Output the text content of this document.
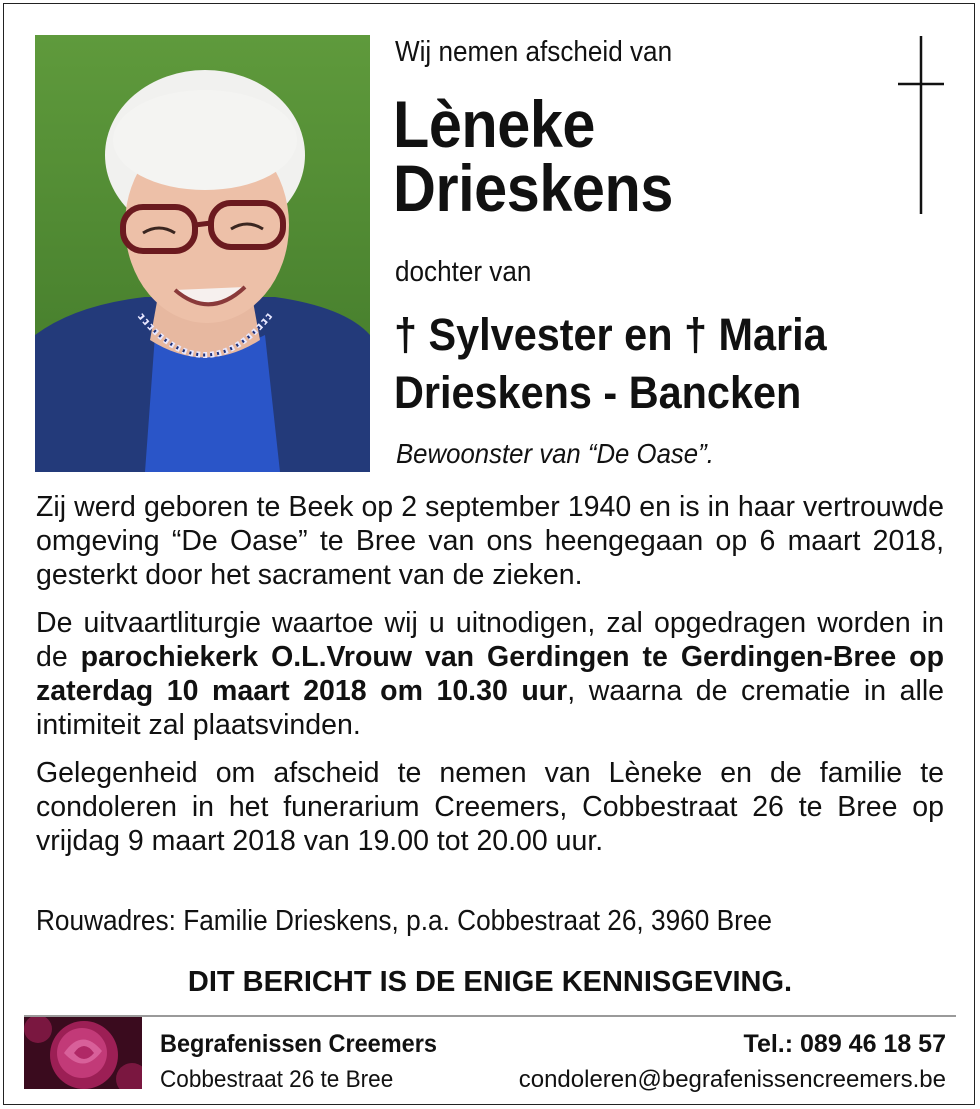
Wij nemen afscheid van
Lèneke
Drieskens
dochter van
† Sylvester en † Maria
Drieskens - Bancken
Bewoonster van “De Oase”.

Zij werd geboren te Beek op 2 september 1940 en is in haar vertrouwde omgeving “De Oase” te Bree van ons heengegaan op 6 maart 2018, gesterkt door het sacrament van de zieken.

De uitvaartliturgie waartoe wij u uitnodigen, zal opgedragen worden in de parochiekerk O.L.Vrouw van Gerdingen te Gerdingen-Bree op zaterdag 10 maart 2018 om 10.30 uur, waarna de crematie in alle intimiteit zal plaatsvinden.

Gelegenheid om afscheid te nemen van Lèneke en de familie te condoleren in het funerarium Creemers, Cobbestraat 26 te Bree op vrijdag 9 maart 2018 van 19.00 tot 20.00 uur.

Rouwadres: Familie Drieskens, p.a. Cobbestraat 26, 3960 Bree
DIT BERICHT IS DE ENIGE KENNISGEVING.
Begrafenissen Creemers
Cobbestraat 26 te Bree
Tel.: 089 46 18 57
condoleren@begrafenissencreemers.be
